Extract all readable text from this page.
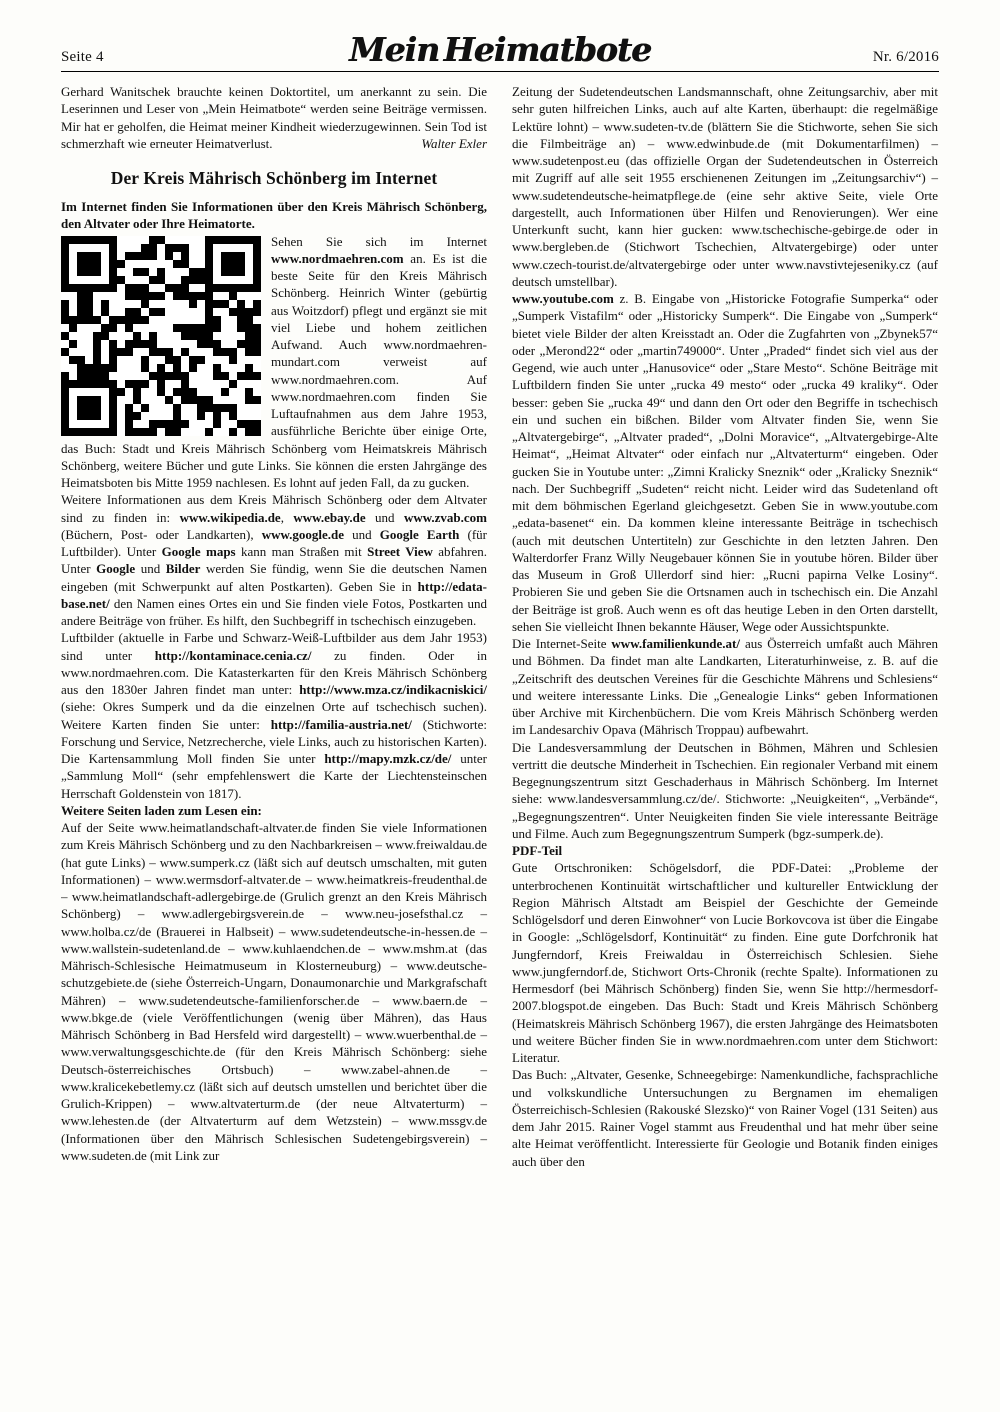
Seite 4	Mein Heimatbote	Nr. 6/2016

Gerhard Wanitschek brauchte keinen Doktortitel, um anerkannt zu sein. Die Leserinnen und Leser von „Mein Heimatbote“ werden seine Beiträge vermissen. Mir hat er geholfen, die Heimat meiner Kindheit wiederzugewinnen. Sein Tod ist schmerzhaft wie erneuter Heimatverlust.	Walter Exler

Der Kreis Mährisch Schönberg im Internet

Im Internet finden Sie Informationen über den Kreis Mährisch Schönberg, den Altvater oder Ihre Heimatorte.

Sehen Sie sich im Internet www.nordmaehren.com an. Es ist die beste Seite für den Kreis Mährisch Schönberg. Heinrich Winter (gebürtig aus Woitzdorf) pflegt und ergänzt sie mit viel Liebe und hohem zeitlichen Aufwand. Auch www.nordmaehren-mundart.com verweist auf www.nordmaehren.com. Auf www.nordmaehren.com finden Sie Luftaufnahmen aus dem Jahre 1953, ausführliche Berichte über einige Orte, das Buch: Stadt und Kreis Mährisch Schönberg vom Heimatskreis Mährisch Schönberg, weitere Bücher und gute Links. Sie können die ersten Jahrgänge des Heimatsboten bis Mitte 1959 nachlesen. Es lohnt auf jeden Fall, da zu gucken.

Weitere Informationen aus dem Kreis Mährisch Schönberg oder dem Altvater sind zu finden in: www.wikipedia.de, www.ebay.de und www.zvab.com (Büchern, Post- oder Landkarten), www.google.de und Google Earth (für Luftbilder). Unter Google maps kann man Straßen mit Street View abfahren. Unter Google und Bilder werden Sie fündig, wenn Sie die deutschen Namen eingeben (mit Schwerpunkt auf alten Postkarten). Geben Sie in http://edata-base.net/ den Namen eines Ortes ein und Sie finden viele Fotos, Postkarten und andere Beiträge von früher. Es hilft, den Suchbegriff in tschechisch einzugeben.

Luftbilder (aktuelle in Farbe und Schwarz-Weiß-Luftbilder aus dem Jahr 1953) sind unter http://kontaminace.cenia.cz/ zu finden. Oder in www.nordmaehren.com. Die Katasterkarten für den Kreis Mährisch Schönberg aus den 1830er Jahren findet man unter: http://www.mza.cz/indikacniskici/ (siehe: Okres Sumperk und da die einzelnen Orte auf tschechisch suchen). Weitere Karten finden Sie unter: http://familia-austria.net/ (Stichworte: Forschung und Service, Netzrecherche, viele Links, auch zu historischen Karten). Die Kartensammlung Moll finden Sie unter http://mapy.mzk.cz/de/ unter „Sammlung Moll“ (sehr empfehlenswert die Karte der Liechtensteinschen Herrschaft Goldenstein von 1817).

Weitere Seiten laden zum Lesen ein:

Auf der Seite www.heimatlandschaft-altvater.de finden Sie viele Informationen zum Kreis Mährisch Schönberg und zu den Nachbarkreisen – www.freiwaldau.de (hat gute Links) – www.sumperk.cz (läßt sich auf deutsch umschalten, mit guten Informationen) – www.wermsdorf-altvater.de – www.heimatkreis-freudenthal.de – www.heimatlandschaft-adlergebirge.de (Grulich grenzt an den Kreis Mährisch Schönberg) – www.adlergebirgsverein.de – www.neu-josefsthal.cz – www.holba.cz/de (Brauerei in Halbseit) – www.sudetendeutsche-in-hessen.de – www.wallstein-sudetenland.de – www.kuhlaendchen.de – www.mshm.at (das Mährisch-Schlesische Heimatmuseum in Klosterneuburg) – www.deutsche-schutzgebiete.de (siehe Österreich-Ungarn, Donaumonarchie und Markgrafschaft Mähren) – www.sudetendeutsche-familienforscher.de – www.baern.de – www.bkge.de (viele Veröffentlichungen (wenig über Mähren), das Haus Mährisch Schönberg in Bad Hersfeld wird dargestellt) – www.wuerbenthal.de – www.verwaltungsgeschichte.de (für den Kreis Mährisch Schönberg: siehe Deutsch-österreichisches Ortsbuch) – www.zabel-ahnen.de – www.kralicekebetlemy.cz (läßt sich auf deutsch umstellen und berichtet über die Grulich-Krippen) – www.altvaterturm.de (der neue Altvaterturm) – www.lehesten.de (der Altvaterturm auf dem Wetzstein) – www.mssgv.de (Informationen über den Mährisch Schlesischen Sudetengebirgsverein) – www.sudeten.de (mit Link zur

Zeitung der Sudetendeutschen Landsmannschaft, ohne Zeitungsarchiv, aber mit sehr guten hilfreichen Links, auch auf alte Karten, überhaupt: die regelmäßige Lektüre lohnt) – www.sudeten-tv.de (blättern Sie die Stichworte, sehen Sie sich die Filmbeiträge an) – www.edwinbude.de (mit Dokumentarfilmen) – www.sudetenpost.eu (das offizielle Organ der Sudetendeutschen in Österreich mit Zugriff auf alle seit 1955 erschienenen Zeitungen im „Zeitungsarchiv“) – www.sudetendeutsche-heimatpflege.de (eine sehr aktive Seite, viele Orte dargestellt, auch Informationen über Hilfen und Renovierungen). Wer eine Unterkunft sucht, kann hier gucken: www.tschechische-gebirge.de oder in www.bergleben.de (Stichwort Tschechien, Altvatergebirge) oder unter www.czech-tourist.de/altvatergebirge oder unter www.navstivtejeseniky.cz (auf deutsch umstellbar).

www.youtube.com z. B. Eingabe von „Historicke Fotografie Sumperka“ oder „Sumperk Vistafilm“ oder „Historicky Sumperk“. Die Eingabe von „Sumperk“ bietet viele Bilder der alten Kreisstadt an. Oder die Zugfahrten von „Zbynek57“ oder „Merond22“ oder „martin749000“. Unter „Praded“ findet sich viel aus der Gegend, wie auch unter „Hanusovice“ oder „Stare Mesto“. Schöne Beiträge mit Luftbildern finden Sie unter „rucka 49 mesto“ oder „rucka 49 kraliky“. Oder besser: geben Sie „rucka 49“ und dann den Ort oder den Begriffe in tschechisch ein und suchen ein bißchen. Bilder vom Altvater finden Sie, wenn Sie „Altvatergebirge“, „Altvater praded“, „Dolni Moravice“, „Altvatergebirge-Alte Heimat“, „Heimat Altvater“ oder einfach nur „Altvaterturm“ eingeben. Oder gucken Sie in Youtube unter: „Zimni Kralicky Sneznik“ oder „Kralicky Sneznik“ nach. Der Suchbegriff „Sudeten“ reicht nicht. Leider wird das Sudetenland oft mit dem böhmischen Egerland gleichgesetzt. Geben Sie in www.youtube.com „edata-basenet“ ein. Da kommen kleine interessante Beiträge in tschechisch (auch mit deutschen Untertiteln) zur Geschichte in den letzten Jahren. Den Walterdorfer Franz Willy Neugebauer können Sie in youtube hören. Bilder über das Museum in Groß Ullerdorf sind hier: „Rucni papirna Velke Losiny“. Probieren Sie und geben Sie die Ortsnamen auch in tschechisch ein. Die Anzahl der Beiträge ist groß. Auch wenn es oft das heutige Leben in den Orten darstellt, sehen Sie vielleicht Ihnen bekannte Häuser, Wege oder Aussichtspunkte.

Die Internet-Seite www.familienkunde.at/ aus Österreich umfaßt auch Mähren und Böhmen. Da findet man alte Landkarten, Literaturhinweise, z. B. auf die „Zeitschrift des deutschen Vereines für die Geschichte Mährens und Schlesiens“ und weitere interessante Links. Die „Genealogie Links“ geben Informationen über Archive mit Kirchenbüchern. Die vom Kreis Mährisch Schönberg werden im Landesarchiv Opava (Mährisch Troppau) aufbewahrt.

Die Landesversammlung der Deutschen in Böhmen, Mähren und Schlesien vertritt die deutsche Minderheit in Tschechien. Ein regionaler Verband mit einem Begegnungszentrum sitzt Geschaderhaus in Mährisch Schönberg. Im Internet siehe: www.landesversammlung.cz/de/. Stichworte: „Neuigkeiten“, „Verbände“, „Begegnungszentren“. Unter Neuigkeiten finden Sie viele interessante Beiträge und Filme. Auch zum Begegnungszentrum Sumperk (bgz-sumperk.de).

PDF-Teil

Gute Ortschroniken: Schögelsdorf, die PDF-Datei: „Probleme der unterbrochenen Kontinuität wirtschaftlicher und kultureller Entwicklung der Region Mährisch Altstadt am Beispiel der Geschichte der Gemeinde Schlögelsdorf und deren Einwohner“ von Lucie Borkovcova ist über die Eingabe in Google: „Schlögelsdorf, Kontinuität“ zu finden. Eine gute Dorfchronik hat Jungferndorf, Kreis Freiwaldau in Österreichisch Schlesien. Siehe www.jungferndorf.de, Stichwort Orts-Chronik (rechte Spalte). Informationen zu Hermesdorf (bei Mährisch Schönberg) finden Sie, wenn Sie http://hermesdorf-2007.blogspot.de eingeben. Das Buch: Stadt und Kreis Mährisch Schönberg (Heimatskreis Mährisch Schönberg 1967), die ersten Jahrgänge des Heimatsboten und weitere Bücher finden Sie in www.nordmaehren.com unter dem Stichwort: Literatur.

Das Buch: „Altvater, Gesenke, Schneegebirge: Namenkundliche, fachsprachliche und volkskundliche Untersuchungen zu Bergnamen im ehemaligen Österreichisch-Schlesien (Rakouské Slezsko)“ von Rainer Vogel (131 Seiten) aus dem Jahr 2015. Rainer Vogel stammt aus Freudenthal und hat mehr über seine alte Heimat veröffentlicht. Interessierte für Geologie und Botanik finden einiges auch über den
